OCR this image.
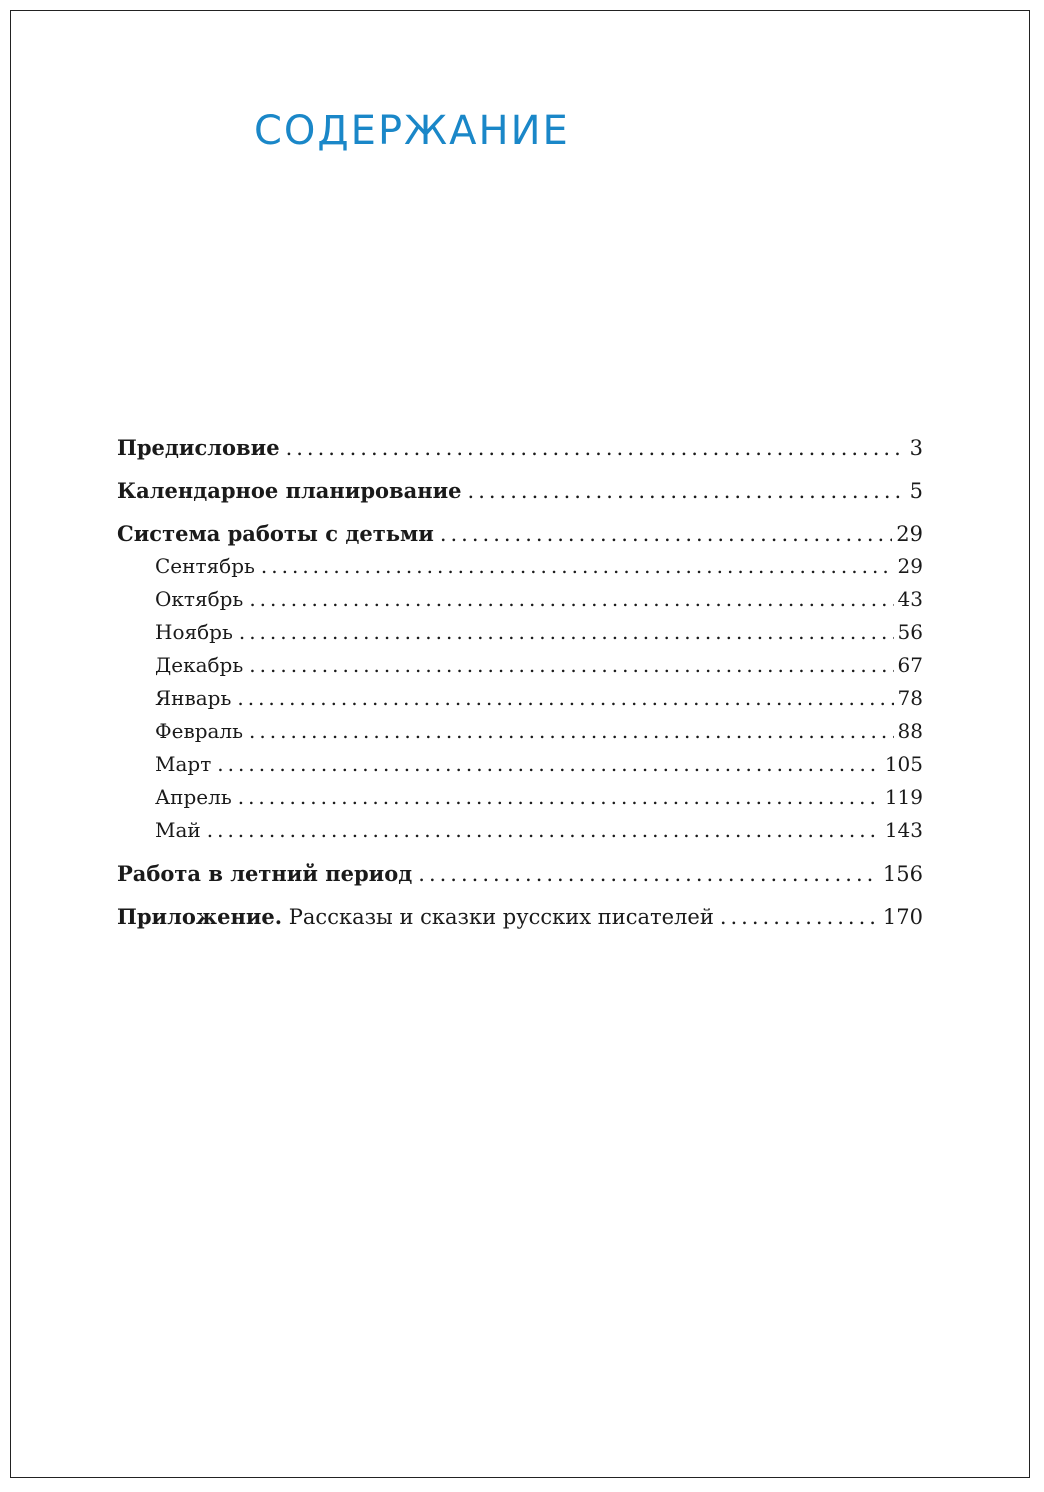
СОДЕРЖАНИЕ
Предисловие .....	3
Календарное планирование .....	5
Система работы с детьми .....	29
Сентябрь .....	29
Октябрь .....	43
Ноябрь .....	56
Декабрь .....	67
Январь .....	78
Февраль .....	88
Март .....	105
Апрель .....	119
Май .....	143
Работа в летний период .....	156
Приложение. Рассказы и сказки русских писателей .....	170
